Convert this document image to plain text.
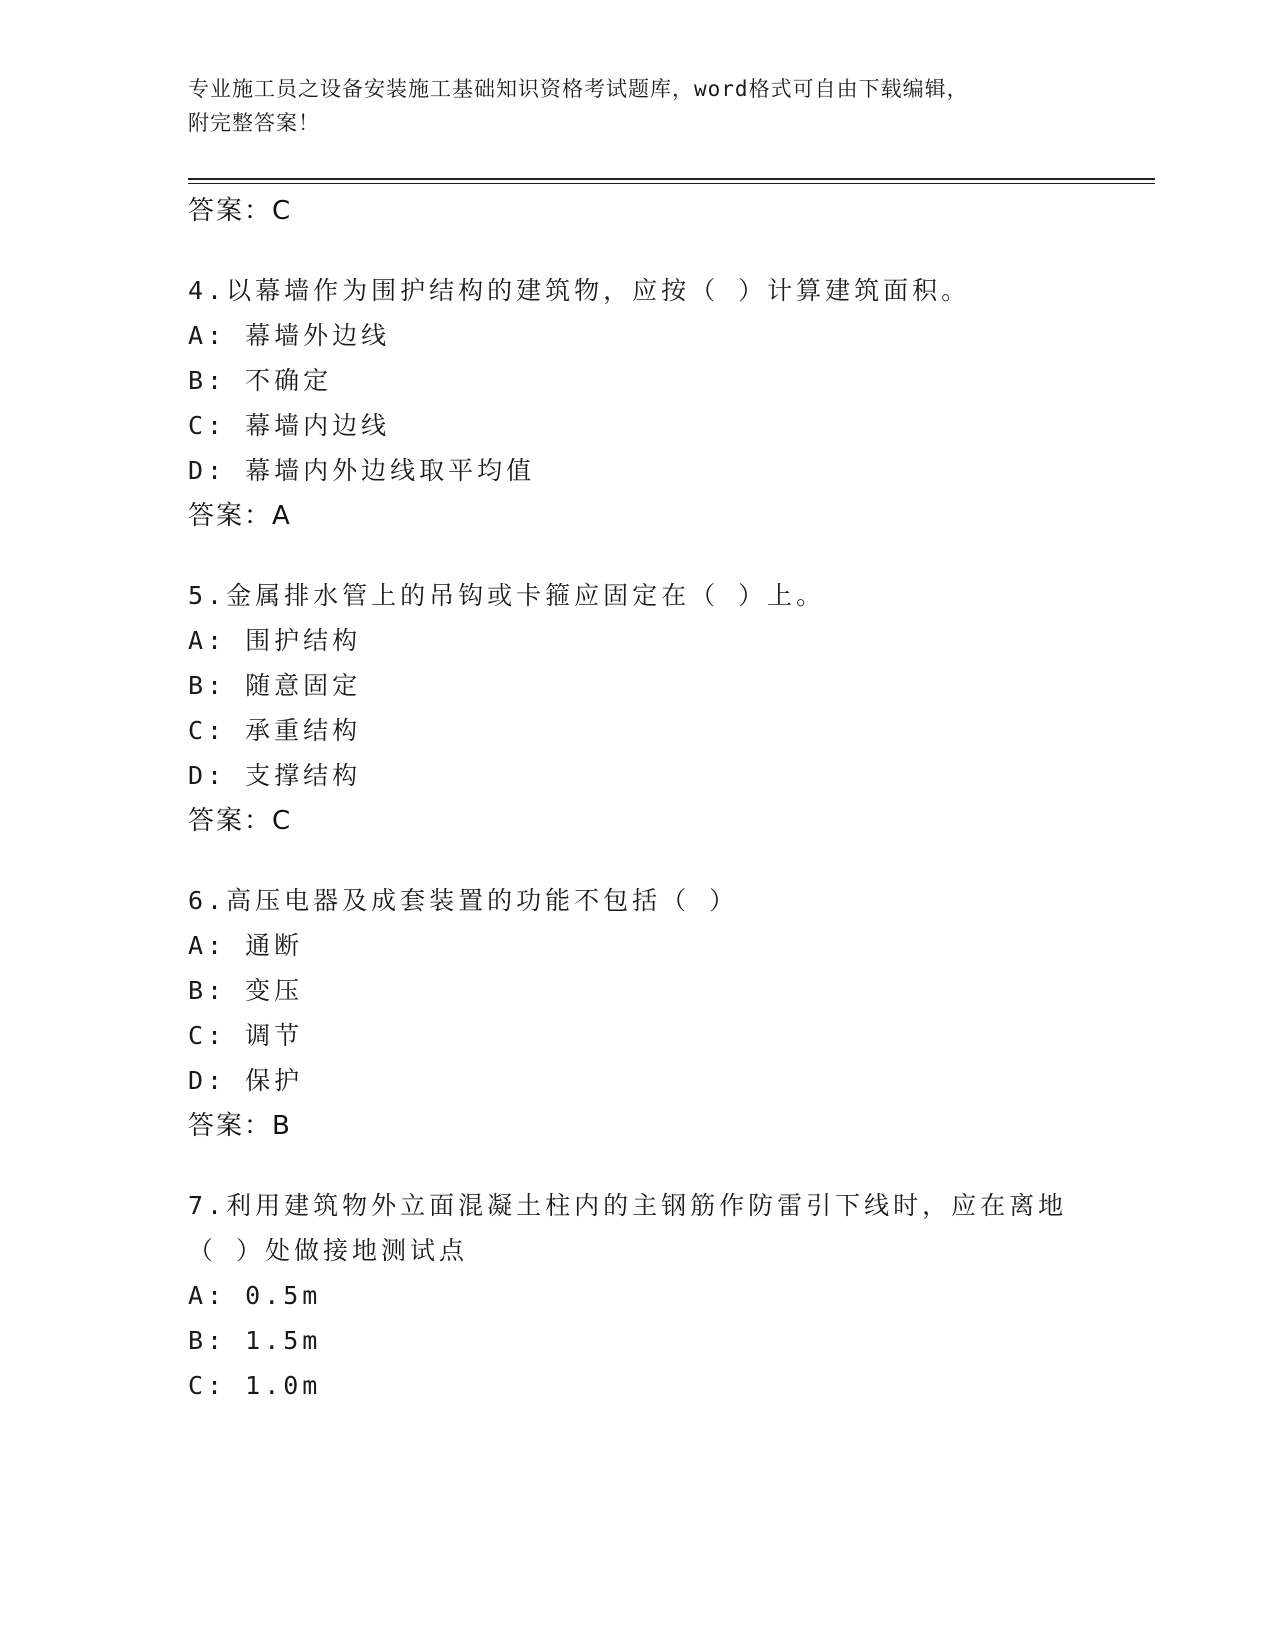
专业施工员之设备安装施工基础知识资格考试题库，word格式可自由下载编辑，
附完整答案！
答案：C
4.以幕墙作为围护结构的建筑物，应按（ ）计算建筑面积。
A: 幕墙外边线
B: 不确定
C: 幕墙内边线
D: 幕墙内外边线取平均值
答案：A
5.金属排水管上的吊钩或卡箍应固定在（ ）上。
A: 围护结构
B: 随意固定
C: 承重结构
D: 支撑结构
答案：C
6.高压电器及成套装置的功能不包括（ ）
A: 通断
B: 变压
C: 调节
D: 保护
答案：B
7.利用建筑物外立面混凝土柱内的主钢筋作防雷引下线时，应在离地
（ ）处做接地测试点
A: 0.5m
B: 1.5m
C: 1.0m
